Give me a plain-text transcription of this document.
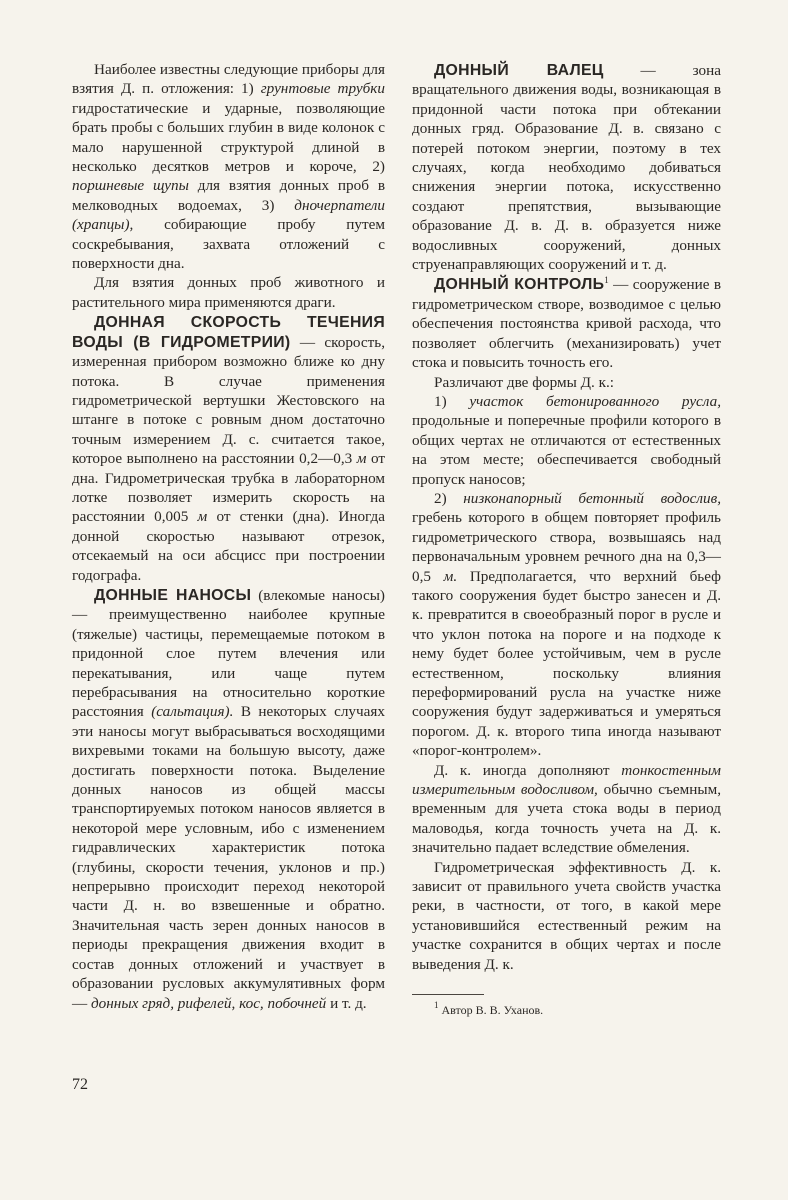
Наиболее известны следующие приборы для взятия Д. п. отложения: 1) грунтовые трубки гидростатические и ударные, позволяющие брать пробы с больших глубин в виде колонок с мало нарушенной структурой длиной в несколько десятков метров и короче, 2) поршневые щупы для взятия донных проб в мелководных водоемах, 3) дночерпатели (храпцы), собирающие пробу путем соскребывания, захвата отложений с поверхности дна.

Для взятия донных проб животного и растительного мира применяются драги.

ДОННАЯ СКОРОСТЬ ТЕЧЕНИЯ ВОДЫ (В ГИДРОМЕТРИИ) — скорость, измеренная прибором возможно ближе ко дну потока. В случае применения гидрометрической вертушки Жестовского на штанге в потоке с ровным дном достаточно точным измерением Д. с. считается такое, которое выполнено на расстоянии 0,2—0,3 м от дна. Гидрометрическая трубка в лабораторном лотке позволяет измерить скорость на расстоянии 0,005 м от стенки (дна). Иногда донной скоростью называют отрезок, отсекаемый на оси абсцисс при построении годографа.

ДОННЫЕ НАНОСЫ (влекомые наносы) — преимущественно наиболее крупные (тяжелые) частицы, перемещаемые потоком в придонной слое путем влечения или перекатывания, или чаще путем перебрасывания на относительно короткие расстояния (сальтация). В некоторых случаях эти наносы могут выбрасываться восходящими вихревыми токами на большую высоту, даже достигать поверхности потока. Выделение донных наносов из общей массы транспортируемых потоком наносов является в некоторой мере условным, ибо с изменением гидравлических характеристик потока (глубины, скорости течения, уклонов и пр.) непрерывно происходит переход некоторой части Д. н. во взвешенные и обратно. Значительная часть зерен донных наносов в периоды прекращения движения входит в состав донных отложений и участвует в образовании русловых аккумулятивных форм — донных гряд, рифелей, кос, побочней и т. д.

ДОННЫЙ ВАЛЕЦ — зона вращательного движения воды, возникающая в придонной части потока при обтекании донных гряд. Образование Д. в. связано с потерей потоком энергии, поэтому в тех случаях, когда необходимо добиваться снижения энергии потока, искусственно создают препятствия, вызывающие образование Д. в. Д. в. образуется ниже водосливных сооружений, донных струенаправляющих сооружений и т. д.

ДОННЫЙ КОНТРОЛЬ$^1$ — сооружение в гидрометрическом створе, возводимое с целью обеспечения постоянства кривой расхода, что позволяет облегчить (механизировать) учет стока и повысить точность его.

Различают две формы Д. к.:

1) участок бетонированного русла, продольные и поперечные профили которого в общих чертах не отличаются от естественных на этом месте; обеспечивается свободный пропуск наносов;

2) низконапорный бетонный водослив, гребень которого в общем повторяет профиль гидрометрического створа, возвышаясь над первоначальным уровнем речного дна на 0,3—0,5 м. Предполагается, что верхний бьеф такого сооружения будет быстро занесен и Д. к. превратится в своеобразный порог в русле и что уклон потока на пороге и на подходе к нему будет более устойчивым, чем в русле естественном, поскольку влияния переформирований русла на участке ниже сооружения будут задерживаться и умеряться порогом. Д. к. второго типа иногда называют «порог-контролем».

Д. к. иногда дополняют тонкостенным измерительным водосливом, обычно съемным, временным для учета стока воды в период маловодья, когда точность учета на Д. к. значительно падает вследствие обмеления.

Гидрометрическая эффективность Д. к. зависит от правильного учета свойств участка реки, в частности, от того, в какой мере установившийся естественный режим на участке сохранится в общих чертах и после выведения Д. к.

$^1$ Автор В. В. Уханов.

72
